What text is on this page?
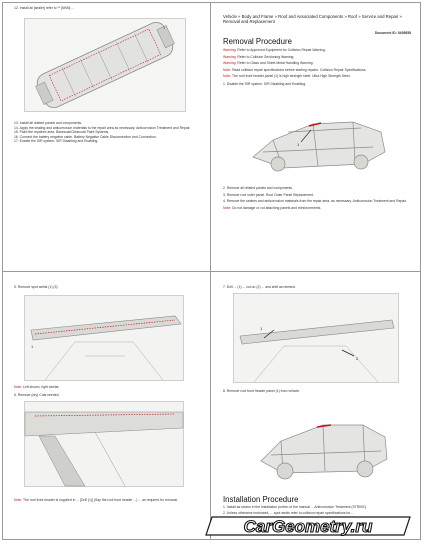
12. Install all [sealer] refer to ** [NNN] ...
1
13. Install all related panels and components.
14. Apply the sealing and anticorrosion materials to the repair area as necessary. Anticorrosion Treatment and Repair.
15. Paint the repaired area. Basecoat/Clearcoat Paint Systems.
16. Connect the battery negative cable. Battery Negative Cable Disconnection and Connection.
17. Enable the SIR system. SIR Disabling and Enabling.
Vehicle » Body and Frame » Roof and Associated Components » Roof » Service and Repair » Removal and Replacement
Document ID: 5495658
Removal Procedure
Warning: Refer to Approved Equipment for Collision Repair Warning.
Warning: Refer to Collision Sectioning Warning.
Warning: Refer to Glass and Sheet Metal Handling Warning.
Note: Read collision repair specifications before starting repairs. Collision Repair Specifications.
Note: The roof front header panel (1) is high strength steel. Ultra High Strength Steel.
1. Disable the SIR system. SIR Disabling and Enabling.
1
2. Remove all related panels and components.
3. Remove roof outer panel. Roof Outer Panel Replacement.
4. Remove the sealers and anticorrosion materials from the repair area, as necessary. Anticorrosion Treatment and Repair.
Note: Do not damage or cut attaching panels and reinforcements.
5. Remove spot welds (1) (3)
1
Note: Left shown, right similar.
6. Remove (dry) Cuts needed.
Note: The roof front header is supplied in ... [Drill (1)] (Say the roof front header ...) ... as required for removal.
7. Drill ... (1) ... cut on (2) ... and shift as needed.
1
2
8. Remove roof front header panel (1) from vehicle.
Installation Procedure
1. Install as shown in the installation portion of the manual ... Anticorrosion Treatment (STRIKE).
2. Unless otherwise instructed, ... spot welds refer to collision repair specifications for ...
CarGeometry.ru
